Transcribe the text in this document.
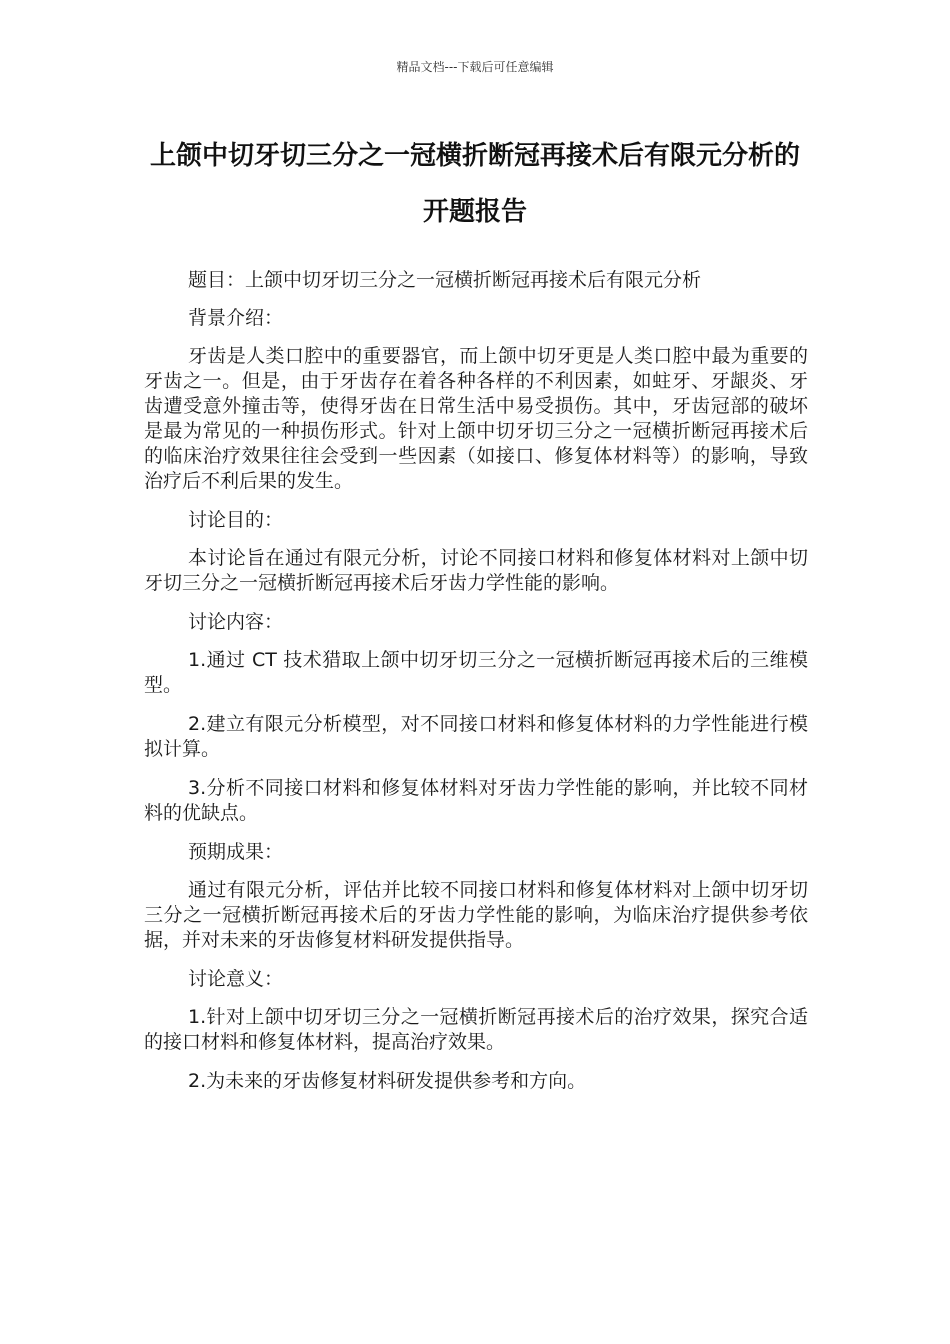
精品文档---下载后可任意编辑
上颌中切牙切三分之一冠横折断冠再接术后有限元分析的开题报告

题目：上颌中切牙切三分之一冠横折断冠再接术后有限元分析

背景介绍：

牙齿是人类口腔中的重要器官，而上颌中切牙更是人类口腔中最为重要的牙齿之一。但是，由于牙齿存在着各种各样的不利因素，如蛀牙、牙龈炎、牙齿遭受意外撞击等，使得牙齿在日常生活中易受损伤。其中，牙齿冠部的破坏是最为常见的一种损伤形式。针对上颌中切牙切三分之一冠横折断冠再接术后的临床治疗效果往往会受到一些因素（如接口、修复体材料等）的影响，导致治疗后不利后果的发生。

讨论目的：

本讨论旨在通过有限元分析，讨论不同接口材料和修复体材料对上颌中切牙切三分之一冠横折断冠再接术后牙齿力学性能的影响。

讨论内容：

1.通过 CT 技术猎取上颌中切牙切三分之一冠横折断冠再接术后的三维模型。

2.建立有限元分析模型，对不同接口材料和修复体材料的力学性能进行模拟计算。

3.分析不同接口材料和修复体材料对牙齿力学性能的影响，并比较不同材料的优缺点。

预期成果：

通过有限元分析，评估并比较不同接口材料和修复体材料对上颌中切牙切三分之一冠横折断冠再接术后的牙齿力学性能的影响，为临床治疗提供参考依据，并对未来的牙齿修复材料研发提供指导。

讨论意义：

1.针对上颌中切牙切三分之一冠横折断冠再接术后的治疗效果，探究合适的接口材料和修复体材料，提高治疗效果。

2.为未来的牙齿修复材料研发提供参考和方向。
